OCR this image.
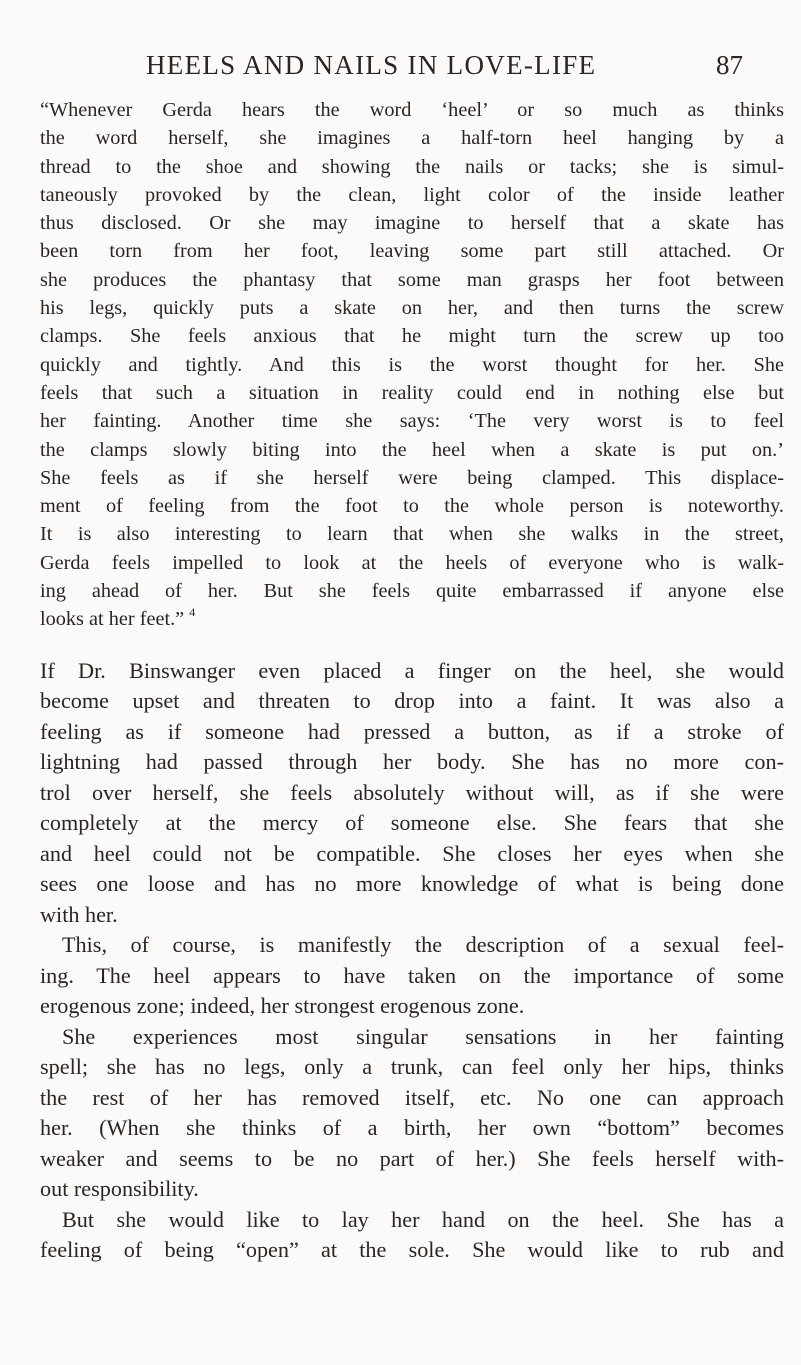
HEELS AND NAILS IN LOVE-LIFE	87
“Whenever Gerda hears the word ‘heel’ or so much as thinks
the word herself, she imagines a half-torn heel hanging by a
thread to the shoe and showing the nails or tacks; she is simul-
taneously provoked by the clean, light color of the inside leather
thus disclosed. Or she may imagine to herself that a skate has
been torn from her foot, leaving some part still attached. Or
she produces the phantasy that some man grasps her foot between
his legs, quickly puts a skate on her, and then turns the screw
clamps. She feels anxious that he might turn the screw up too
quickly and tightly. And this is the worst thought for her. She
feels that such a situation in reality could end in nothing else but
her fainting. Another time she says: ‘The very worst is to feel
the clamps slowly biting into the heel when a skate is put on.’
She feels as if she herself were being clamped. This displace-
ment of feeling from the foot to the whole person is noteworthy.
It is also interesting to learn that when she walks in the street,
Gerda feels impelled to look at the heels of everyone who is walk-
ing ahead of her. But she feels quite embarrassed if anyone else
looks at her feet.” $^4$
If Dr. Binswanger even placed a finger on the heel, she would
become upset and threaten to drop into a faint. It was also a
feeling as if someone had pressed a button, as if a stroke of
lightning had passed through her body. She has no more con-
trol over herself, she feels absolutely without will, as if she were
completely at the mercy of someone else. She fears that she
and heel could not be compatible. She closes her eyes when she
sees one loose and has no more knowledge of what is being done
with her.
This, of course, is manifestly the description of a sexual feel-
ing. The heel appears to have taken on the importance of some
erogenous zone; indeed, her strongest erogenous zone.
She experiences most singular sensations in her fainting
spell; she has no legs, only a trunk, can feel only her hips, thinks
the rest of her has removed itself, etc. No one can approach
her. (When she thinks of a birth, her own “bottom” becomes
weaker and seems to be no part of her.) She feels herself with-
out responsibility.
But she would like to lay her hand on the heel. She has a
feeling of being “open” at the sole. She would like to rub and
